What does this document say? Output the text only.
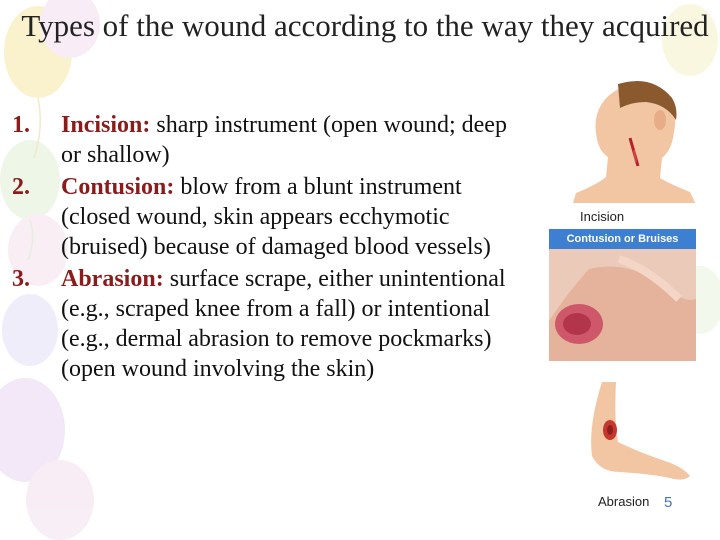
Types of the wound according to the way they acquired
1. Incision: sharp instrument (open wound; deep or shallow)
2. Contusion: blow from a blunt instrument (closed wound, skin appears ecchymotic (bruised) because of damaged blood vessels)
3. Abrasion: surface scrape, either unintentional (e.g., scraped knee from a fall) or intentional (e.g., dermal abrasion to remove pockmarks) (open wound involving the skin)
Incision
Contusion or Bruises
Abrasion 5
